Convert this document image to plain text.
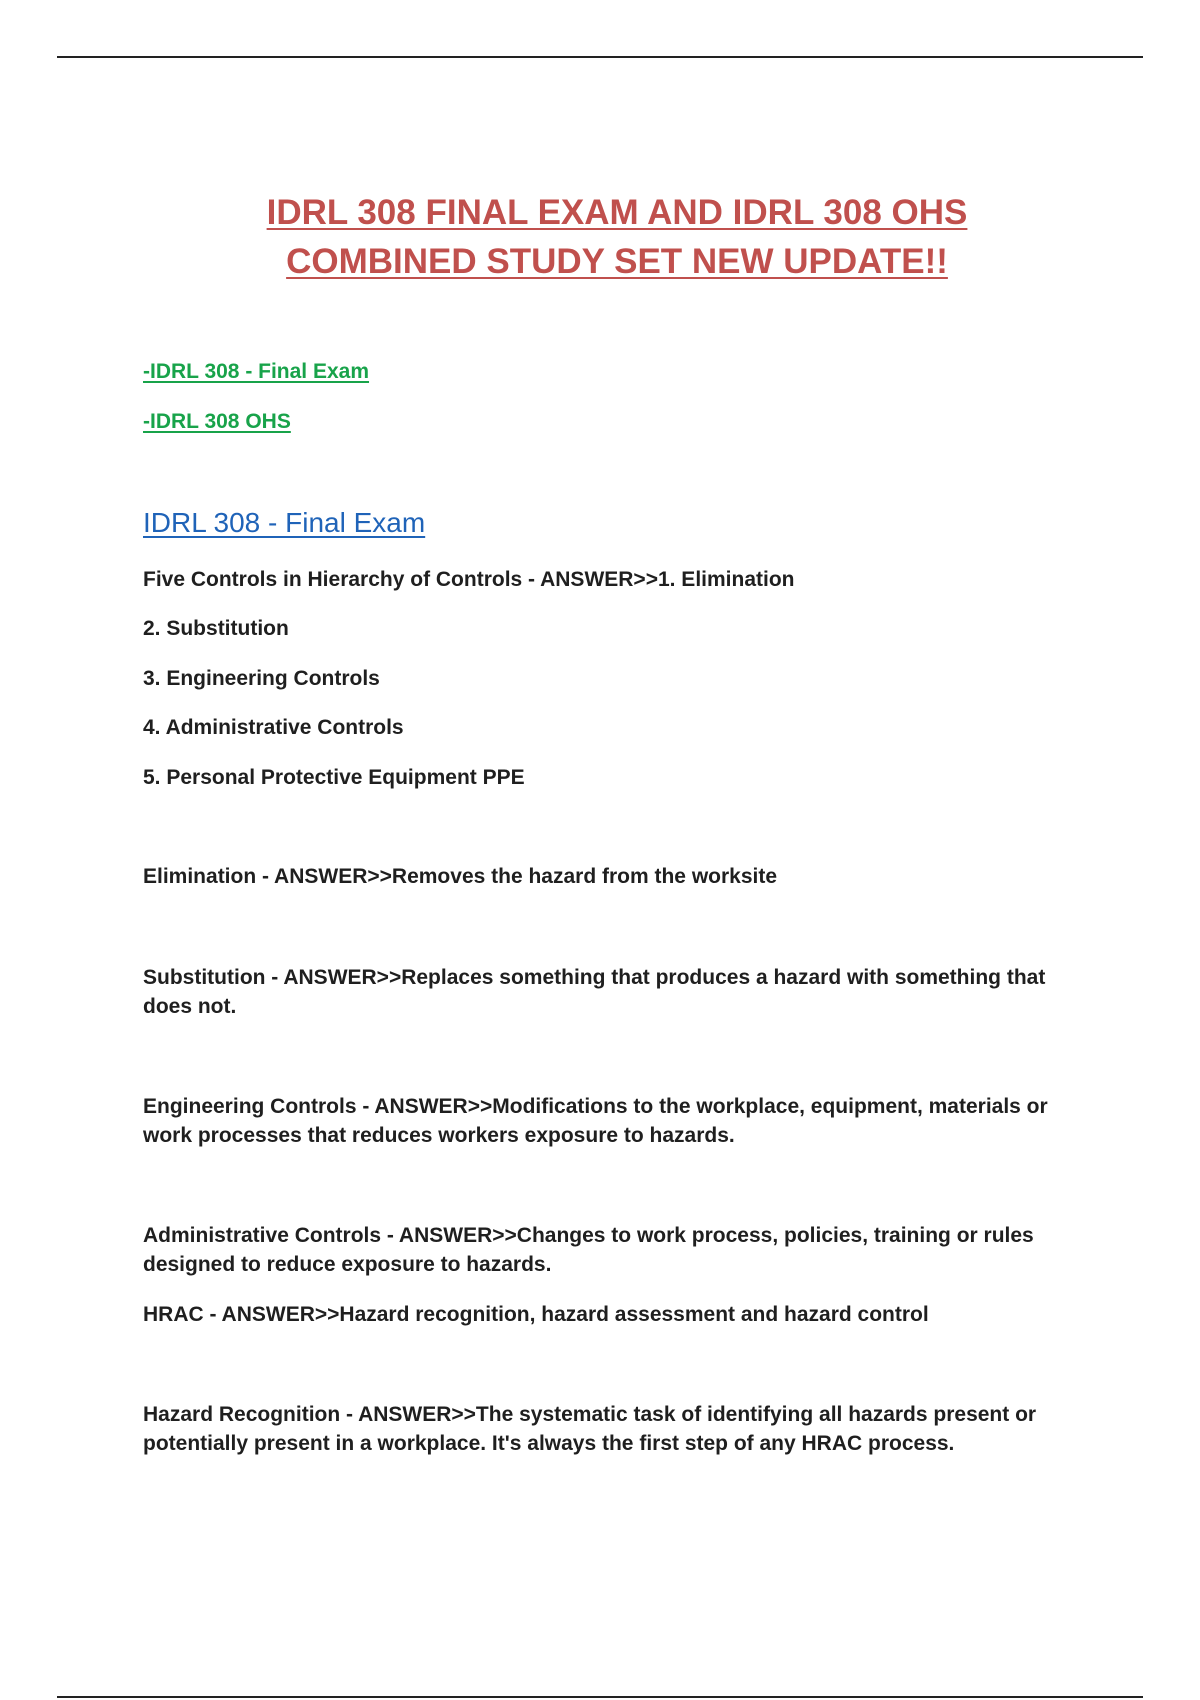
IDRL 308 FINAL EXAM AND IDRL 308 OHS
COMBINED STUDY SET NEW UPDATE!!
-IDRL 308 - Final Exam
-IDRL 308 OHS
IDRL 308 - Final Exam
Five Controls in Hierarchy of Controls - ANSWER>>1. Elimination
2. Substitution
3. Engineering Controls
4. Administrative Controls
5. Personal Protective Equipment PPE
Elimination - ANSWER>>Removes the hazard from the worksite
Substitution - ANSWER>>Replaces something that produces a hazard with something that does not.
Engineering Controls - ANSWER>>Modifications to the workplace, equipment, materials or work processes that reduces workers exposure to hazards.
Administrative Controls - ANSWER>>Changes to work process, policies, training or rules designed to reduce exposure to hazards.
HRAC - ANSWER>>Hazard recognition, hazard assessment and hazard control
Hazard Recognition - ANSWER>>The systematic task of identifying all hazards present or potentially present in a workplace. It's always the first step of any HRAC process.
